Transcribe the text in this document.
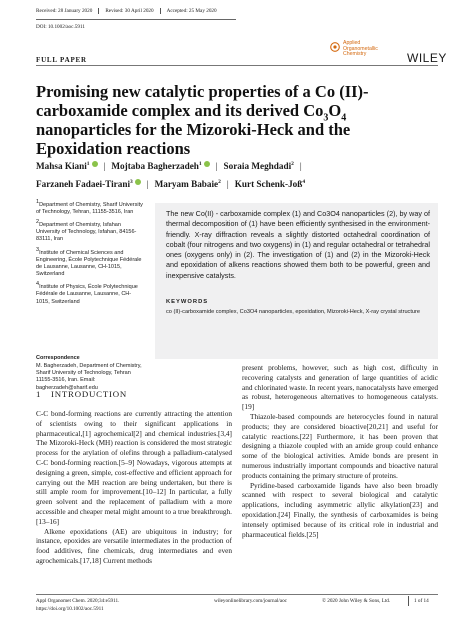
Received: 28 January 2020	Revised: 30 April 2020	Accepted: 25 May 2020
DOI: 10.1002/aoc.5911
FULL PAPER
Applied
Organometallic
Chemistry	WILEY
Promising new catalytic properties of a Co (II)-carboxamide complex and its derived $Co_3O_4$ nanoparticles for the Mizoroki-Heck and the Epoxidation reactions
Mahsa Kiani$^1$ | Mojtaba Bagherzadeh$^1$ | Soraia Meghdadi$^2$ |
Farzaneh Fadaei-Tirani$^3$ | Maryam Babaie$^2$ | Kurt Schenk-Joß$^4$

$^1$Department of Chemistry, Sharif University of Technology, Tehran, 11155-3516, Iran

$^2$Department of Chemistry, Isfahan University of Technology, Isfahan, 84156-83111, Iran

$^3$Institute of Chemical Sciences and Engineering, École Polytechnique Fédérale de Lausanne, Lausanne, CH-1015, Switzerland

$^4$Institute of Physics, École Polytechnique Fédérale de Lausanne, Lausanne, CH-1015, Switzerland

Correspondence
M. Bagherzadeh, Department of Chemistry, Sharif University of Technology, Tehran 11155-3516, Iran. Email: bagherzadeh@sharif.edu
The new Co(II) - carboxamide complex (1) and Co3O4 nanoparticles (2), by way of thermal decomposition of (1) have been efficiently synthesised in the environment-friendly. X-ray diffraction reveals a slightly distorted octahedral coordination of cobalt (four nitrogens and two oxygens) in (1) and regular octahedral or tetrahedral ones (oxygens only) in (2). The investigation of (1) and (2) in the Mizoroki-Heck and epoxidation of alkens reactions showed them both to be powerful, green and inexpensive catalysts.
KEYWORDS
co (II)-carboxamide complex, Co3O4 nanoparticles, epoxidation, Mizoroki-Heck, X-ray crystal structure
1 INTRODUCTION

C-C bond-forming reactions are currently attracting the attention of scientists owing to their significant applications in pharmaceutical,[1] agrochemical[2] and chemical industries.[3,4] The Mizoroki-Heck (MH) reaction is considered the most strategic process for the arylation of olefins through a palladium-catalysed C-C bond-forming reaction.[5–9] Nowadays, vigorous attempts at designing a green, simple, cost-effective and efficient approach for carrying out the MH reaction are being undertaken, but there is still ample room for improvement.[10–12] In particular, a fully green solvent and the replacement of palladium with a more accessible and cheaper metal might amount to a true breakthrough.[13–16]

Alkene epoxidations (AE) are ubiquitous in industry; for instance, epoxides are versatile intermediates in the production of food additives, fine chemicals, drug intermediates and even agrochemicals.[17,18] Current methods

present problems, however, such as high cost, difficulty in recovering catalysts and generation of large quantities of acidic and chlorinated waste. In recent years, nanocatalysts have emerged as robust, heterogeneous alternatives to homogeneous catalysts.[19]

Thiazole-based compounds are heterocycles found in natural products; they are considered bioactive[20,21] and useful for catalytic reactions.[22] Furthermore, it has been proven that designing a thiazole coupled with an amide group could enhance some of the biological activities. Amide bonds are present in numerous industrially important compounds and bioactive natural products containing the primary structure of proteins.

Pyridine-based carboxamide ligands have also been broadly scanned with respect to several biological and catalytic applications, including asymmetric allylic alkylation[23] and epoxidation.[24] Finally, the synthesis of carboxamides is being intensely optimised because of its critical role in industrial and pharmaceutical fields.[25]

Appl Organomet Chem. 2020;34:e5911.
https://doi.org/10.1002/aoc.5911
wileyonlinelibrary.com/journal/aoc	© 2020 John Wiley & Sons, Ltd.	1 of 14
